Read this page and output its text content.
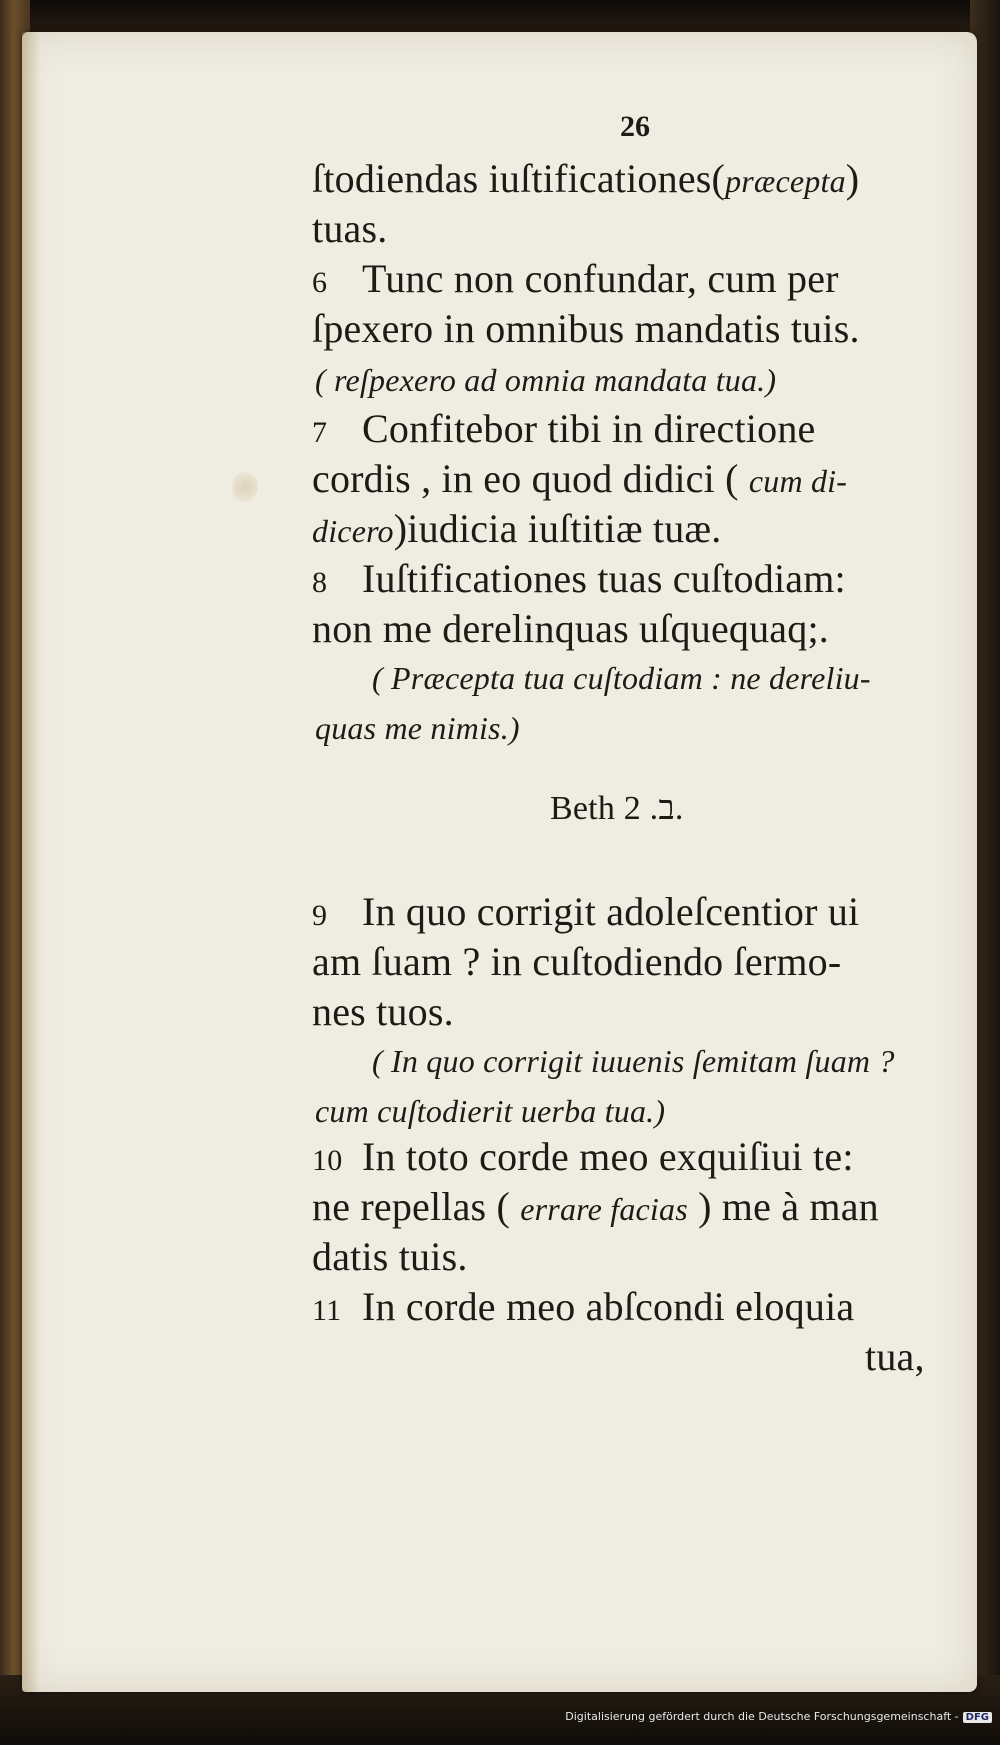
26
ſtodiendas iuſtificationes(præcepta)
tuas.
6 Tunc non confundar, cum per
ſpexero in omnibus mandatis tuis.
( reſpexero ad omnia mandata tua.)
7 Confitebor tibi in directione
cordis , in eo quod didici ( cum di-
dicero)iudicia iuſtitiæ tuæ.
8 Iuſtificationes tuas cuſtodiam:
non me derelinquas uſquequaq;.
( Præcepta tua cuſtodiam : ne dereliu-
quas me nimis.)
Beth ב. 2.
9 In quo corrigit adoleſcentior ui
am ſuam ? in cuſtodiendo ſermo-
nes tuos.
( In quo corrigit iuuenis ſemitam ſuam ?
cum cuſtodierit uerba tua.)
10 In toto corde meo exquiſiui te:
ne repellas ( errare facias ) me à man
datis tuis.
11 In corde meo abſcondi eloquia
tua,
Digitalisierung gefördert durch die Deutsche Forschungsgemeinschaft - DFG
